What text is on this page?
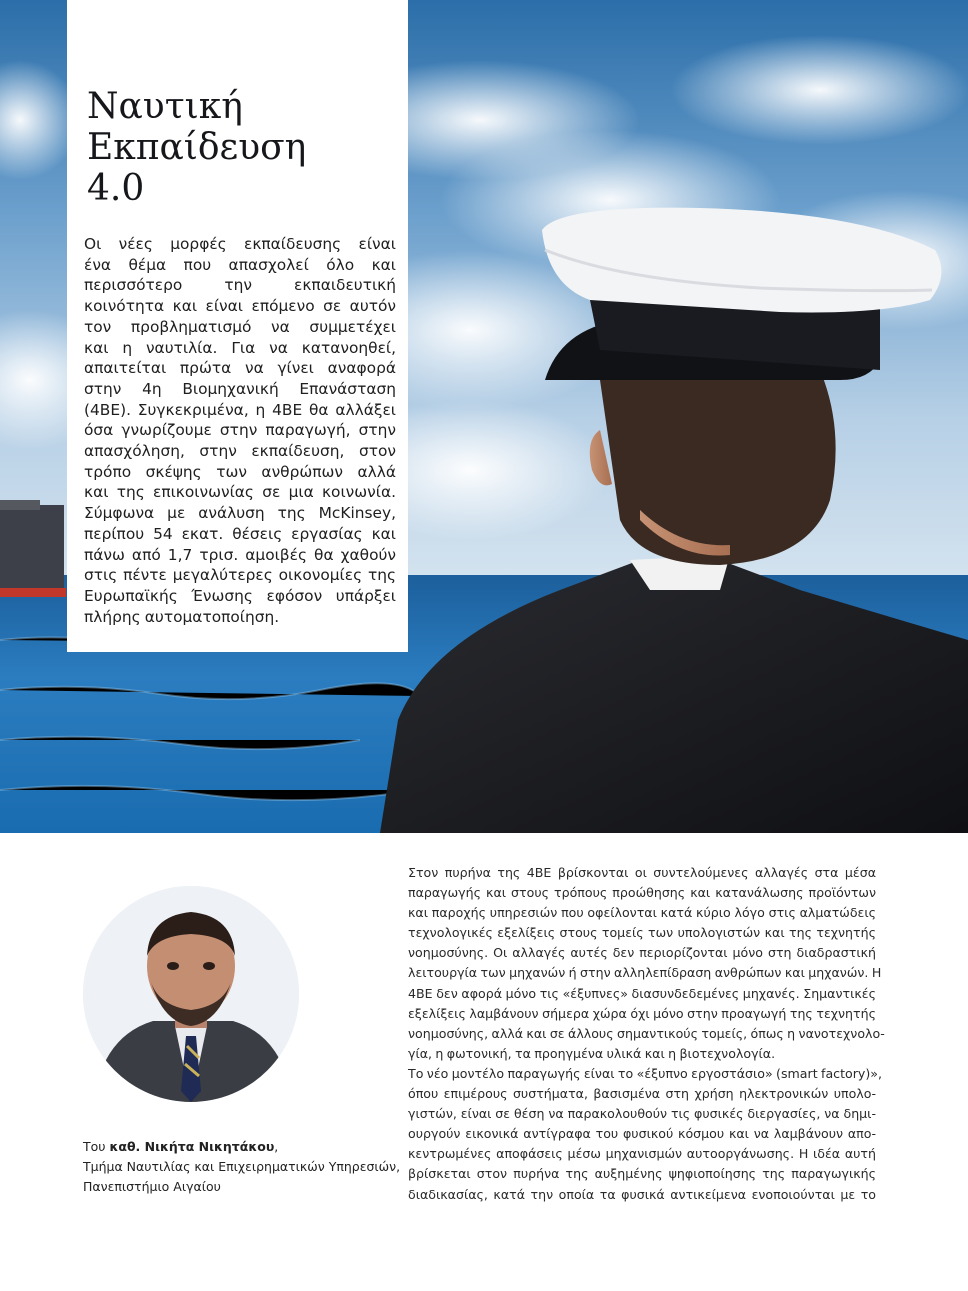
Ναυτική
Εκπαίδευση
4.0
Οι νέες μορφές εκπαίδευσης είναι
ένα θέμα που απασχολεί όλο και
περισσότερο την εκπαιδευτική
κοινότητα και είναι επόμενο σε αυτόν
τον προβληματισμό να συμμετέχει
και η ναυτιλία. Για να κατανοηθεί,
απαιτείται πρώτα να γίνει αναφορά
στην 4η Βιομηχανική Επανάσταση
(4ΒΕ). Συγκεκριμένα, η 4ΒΕ θα αλλάξει
όσα γνωρίζουμε στην παραγωγή, στην
απασχόληση, στην εκπαίδευση, στον
τρόπο σκέψης των ανθρώπων αλλά
και της επικοινωνίας σε μια κοινωνία.
Σύμφωνα με ανάλυση της McKinsey,
περίπου 54 εκατ. θέσεις εργασίας και
πάνω από 1,7 τρισ. αμοιβές θα χαθούν
στις πέντε μεγαλύτερες οικονομίες της
Ευρωπαϊκής Ένωσης εφόσον υπάρξει
πλήρης αυτοματοποίηση.
Του καθ. Νικήτα Νικητάκου,
Τμήμα Ναυτιλίας και Επιχειρηματικών Υπηρεσιών,
Πανεπιστήμιο Αιγαίου
Στον πυρήνα της 4ΒΕ βρίσκονται οι συντελούμενες αλλαγές στα μέσα
παραγωγής και στους τρόπους προώθησης και κατανάλωσης προϊόντων
και παροχής υπηρεσιών που οφείλονται κατά κύριο λόγο στις αλματώδεις
τεχνολογικές εξελίξεις στους τομείς των υπολογιστών και της τεχνητής
νοημοσύνης. Οι αλλαγές αυτές δεν περιορίζονται μόνο στη διαδραστική
λειτουργία των μηχανών ή στην αλληλεπίδραση ανθρώπων και μηχανών. Η
4ΒΕ δεν αφορά μόνο τις «έξυπνες» διασυνδεδεμένες μηχανές. Σημαντικές
εξελίξεις λαμβάνουν σήμερα χώρα όχι μόνο στην προαγωγή της τεχνητής
νοημοσύνης, αλλά και σε άλλους σημαντικούς τομείς, όπως η νανοτεχνολο-
γία, η φωτονική, τα προηγμένα υλικά και η βιοτεχνολογία.
Το νέο μοντέλο παραγωγής είναι το «έξυπνο εργοστάσιο» (smart factory)»,
όπου επιμέρους συστήματα, βασισμένα στη χρήση ηλεκτρονικών υπολο-
γιστών, είναι σε θέση να παρακολουθούν τις φυσικές διεργασίες, να δημι-
ουργούν εικονικά αντίγραφα του φυσικού κόσμου και να λαμβάνουν απο-
κεντρωμένες αποφάσεις μέσω μηχανισμών αυτοοργάνωσης. Η ιδέα αυτή
βρίσκεται στον πυρήνα της αυξημένης ψηφιοποίησης της παραγωγικής
διαδικασίας, κατά την οποία τα φυσικά αντικείμενα ενοποιούνται με το
